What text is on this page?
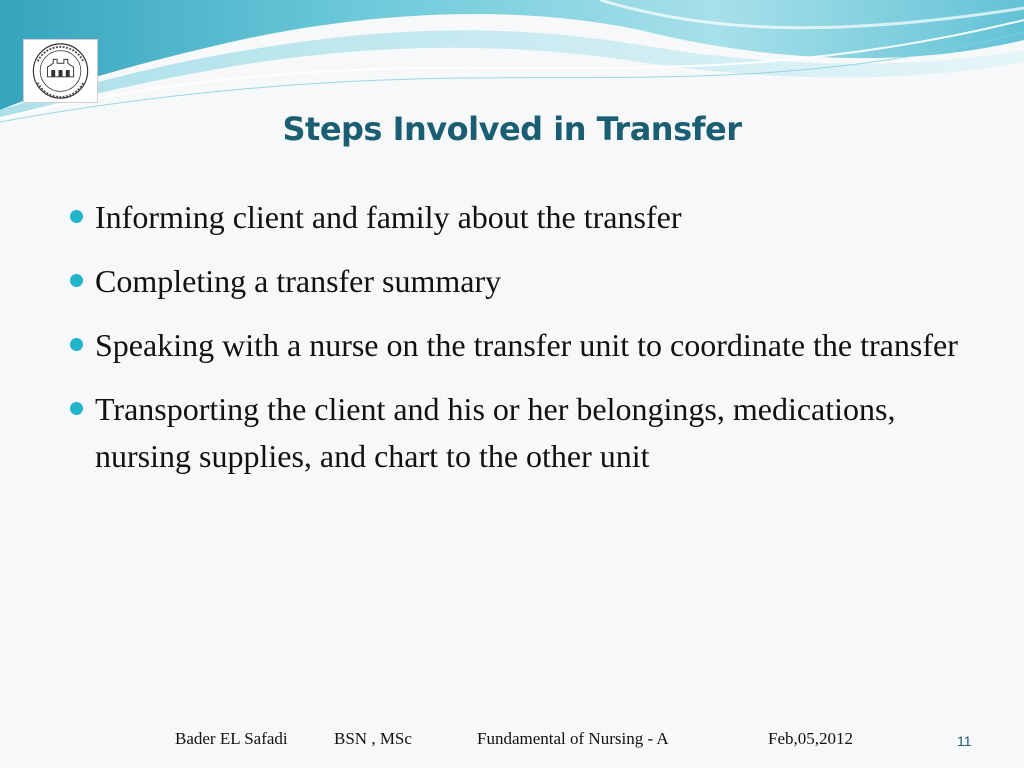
Steps Involved in Transfer
Informing client and family about the transfer
Completing a transfer summary
Speaking with a nurse on the transfer unit to coordinate the transfer
Transporting the client and his or her belongings, medications, nursing supplies, and chart to the other unit
Bader EL Safadi	BSN , MSc	Fundamental of Nursing - A	Feb,05,2012	11
